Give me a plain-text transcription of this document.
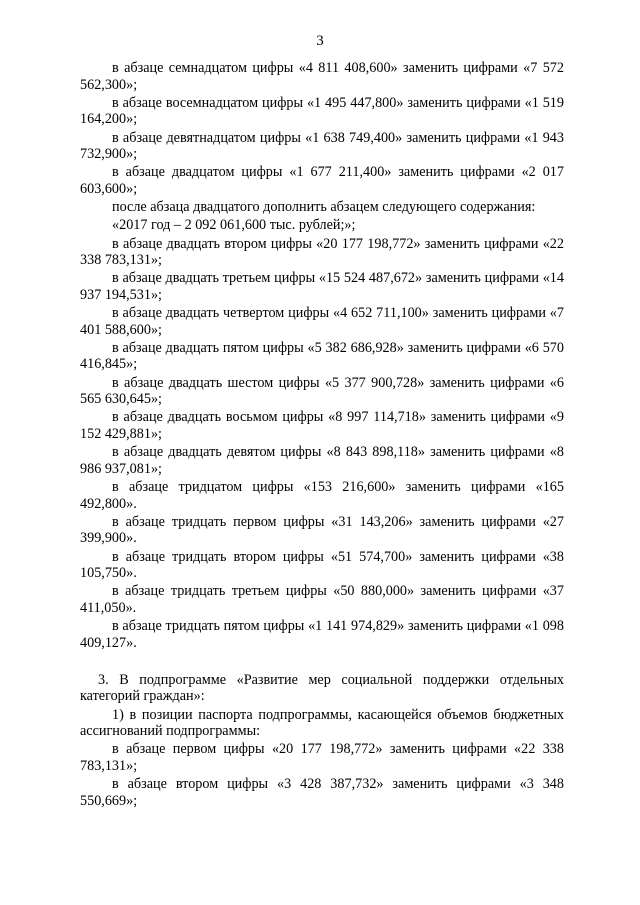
3

в абзаце семнадцатом цифры «4 811 408,600» заменить цифрами «7 572 562,300»;

в абзаце восемнадцатом цифры «1 495 447,800» заменить цифрами «1 519 164,200»;

в абзаце девятнадцатом цифры «1 638 749,400» заменить цифрами «1 943 732,900»;

в абзаце двадцатом цифры «1 677 211,400» заменить цифрами «2 017 603,600»;

после абзаца двадцатого дополнить абзацем следующего содержания:

«2017 год – 2 092 061,600 тыс. рублей;»;

в абзаце двадцать втором цифры «20 177 198,772» заменить цифрами «22 338 783,131»;

в абзаце двадцать третьем цифры «15 524 487,672» заменить цифрами «14 937 194,531»;

в абзаце двадцать четвертом цифры «4 652 711,100» заменить цифрами «7 401 588,600»;

в абзаце двадцать пятом цифры «5 382 686,928» заменить цифрами «6 570 416,845»;

в абзаце двадцать шестом цифры «5 377 900,728» заменить цифрами «6 565 630,645»;

в абзаце двадцать восьмом цифры «8 997 114,718» заменить цифрами «9 152 429,881»;

в абзаце двадцать девятом цифры «8 843 898,118» заменить цифрами «8 986 937,081»;

в абзаце тридцатом цифры «153 216,600» заменить цифрами «165 492,800».

в абзаце тридцать первом цифры «31 143,206» заменить цифрами «27 399,900».

в абзаце тридцать втором цифры «51 574,700» заменить цифрами «38 105,750».

в абзаце тридцать третьем цифры «50 880,000» заменить цифрами «37 411,050».

в абзаце тридцать пятом цифры «1 141 974,829» заменить цифрами «1 098 409,127».

3. В подпрограмме «Развитие мер социальной поддержки отдельных категорий граждан»:

1) в позиции паспорта подпрограммы, касающейся объемов бюджетных ассигнований подпрограммы:

в абзаце первом цифры «20 177 198,772» заменить цифрами «22 338 783,131»;

в абзаце втором цифры «3 428 387,732» заменить цифрами «3 348 550,669»;
